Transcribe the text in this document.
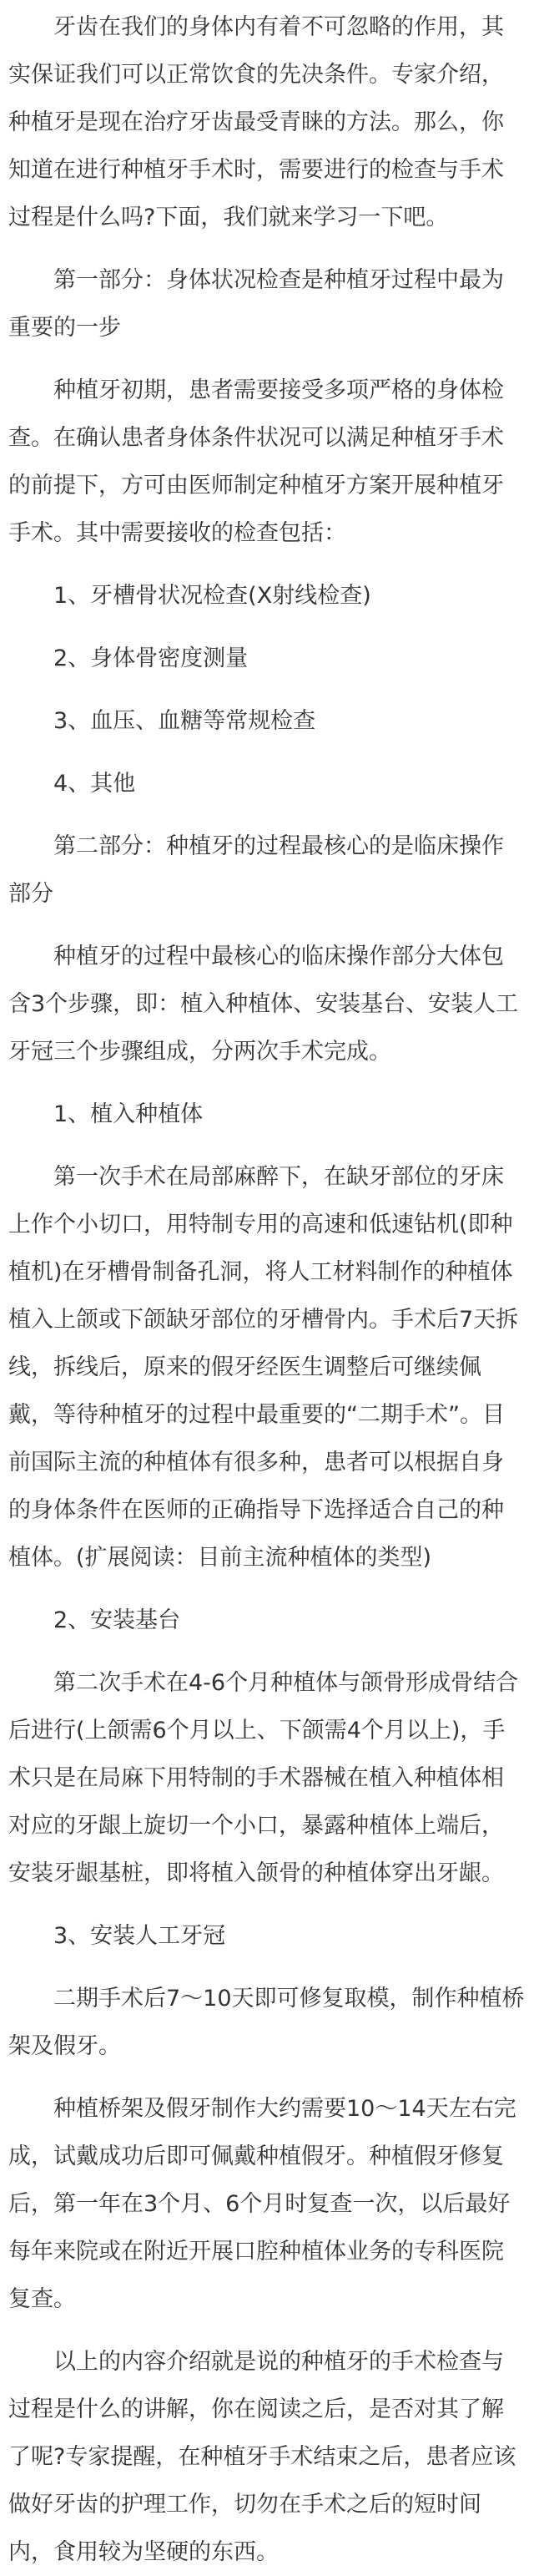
牙齿在我们的身体内有着不可忽略的作用，其实保证我们可以正常饮食的先决条件。专家介绍，种植牙是现在治疗牙齿最受青睐的方法。那么，你知道在进行种植牙手术时，需要进行的检查与手术过程是什么吗?下面，我们就来学习一下吧。

第一部分：身体状况检查是种植牙过程中最为重要的一步

种植牙初期，患者需要接受多项严格的身体检查。在确认患者身体条件状况可以满足种植牙手术的前提下，方可由医师制定种植牙方案开展种植牙手术。其中需要接收的检查包括：

1、牙槽骨状况检查(X射线检查)

2、身体骨密度测量

3、血压、血糖等常规检查

4、其他

第二部分：种植牙的过程最核心的是临床操作部分

种植牙的过程中最核心的临床操作部分大体包含3个步骤，即：植入种植体、安装基台、安装人工牙冠三个步骤组成，分两次手术完成。

1、植入种植体

第一次手术在局部麻醉下，在缺牙部位的牙床上作个小切口，用特制专用的高速和低速钻机(即种植机)在牙槽骨制备孔洞，将人工材料制作的种植体植入上颌或下颌缺牙部位的牙槽骨内。手术后7天拆线，拆线后，原来的假牙经医生调整后可继续佩戴，等待种植牙的过程中最重要的“二期手术”。目前国际主流的种植体有很多种，患者可以根据自身的身体条件在医师的正确指导下选择适合自己的种植体。(扩展阅读：目前主流种植体的类型)

2、安装基台

第二次手术在4-6个月种植体与颌骨形成骨结合后进行(上颌需6个月以上、下颌需4个月以上)，手术只是在局麻下用特制的手术器械在植入种植体相对应的牙龈上旋切一个小口，暴露种植体上端后，安装牙龈基桩，即将植入颌骨的种植体穿出牙龈。

3、安装人工牙冠

二期手术后7～10天即可修复取模，制作种植桥架及假牙。

种植桥架及假牙制作大约需要10～14天左右完成，试戴成功后即可佩戴种植假牙。种植假牙修复后，第一年在3个月、6个月时复查一次，以后最好每年来院或在附近开展口腔种植体业务的专科医院复查。

以上的内容介绍就是说的种植牙的手术检查与过程是什么的讲解，你在阅读之后，是否对其了解了呢?专家提醒，在种植牙手术结束之后，患者应该做好牙齿的护理工作，切勿在手术之后的短时间内，食用较为坚硬的东西。
